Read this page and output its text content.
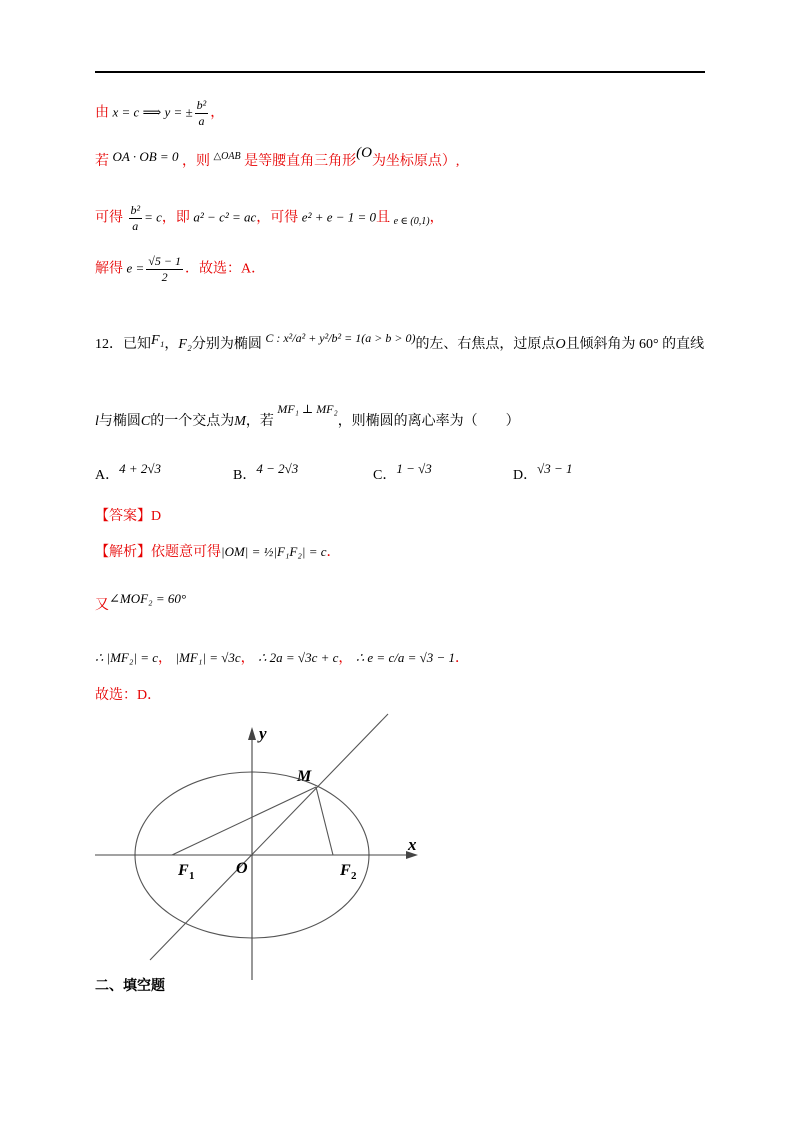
由 x = c ⟹ y = ± $\frac{\text{b²}}{a}$ ，
若 OA · OB = 0 ，则 $^{\triangle OAB}$ 是等腰直角三角形(O为坐标原点）,
可得 $\frac{\text{b²}}{a} = c$，即 a² − c² = ac，可得 e² + e − 1 = 0且 e ∈ (0,1)，
解得 $e = \frac{√5 - 1}{2}$ ．故选：A．
12．已知F₁，F₂分别为椭圆 C : x²/a² + y²/b² = 1(a > b > 0)的左、右焦点，过原点O且倾斜角为 60° 的直线
l与椭圆C的一个交点为M，若 MF₁ ⊥ MF₂，则椭圆的离心率为（　　）
A．4 + 2√3	B．4 − 2√3	C．1 − √3	D．√3 − 1
【答案】D
【解析】依题意可得|OM| = ½|F₁F₂| = c．
又∠MOF₂ = 60°
∴ |MF₂| = c， |MF₁| = √3c， ∴ 2a = √3c + c， ∴ e = c/a = √3 − 1．
故选：D．
y
x
M
F 1	O	F 2
二、填空题
